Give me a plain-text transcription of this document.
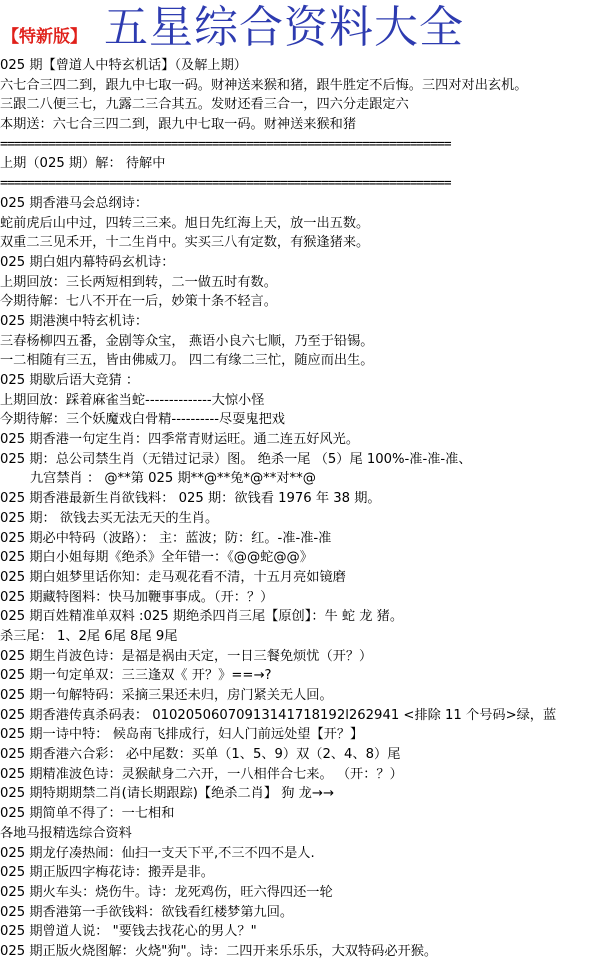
【特新版】 五星综合资料大全
025 期【曾道人中特玄机话】（及解上期）
六七合三四二到，跟九中七取一码。财神送来猴和猪，跟牛胜定不后悔。三四对对出玄机。
三跟二八便三七，九露二三合其五。发财还看三合一，四六分走跟定六
本期送：六七合三四二到，跟九中七取一码。财神送来猴和猪
==================================================================
上期（025 期）解： 待解中
==================================================================
025 期香港马会总纲诗：
蛇前虎后山中过，四转三三来。旭日先红海上天，放一出五数。
双重二三见禾开，十二生肖中。实买三八有定数，有猴逢猪来。
025 期白姐内幕特码玄机诗：
上期回放：三长两短相到转，二一做五时有数。
今期待解：七八不开在一后，妙策十条不轻言。
025 期港澳中特玄机诗：
三春杨柳四五番，金剧等众宝， 燕语小良六七顺，乃至于铅锡。
一二相随有三五，皆由佛威刀。 四二有缘二三忙，随应而出生。
025 期歇后语大竞猜 ：
上期回放：踩着麻雀当蛇--------------大惊小怪
今期待解：三个妖魔戏白骨精----------尽耍鬼把戏
025 期香港一句定生肖：四季常青财运旺。通二连五好风光。
025 期：总公司禁生肖（无错过记录）图。 绝杀一尾 （5）尾 100%-准-准-准、
九宫禁肖 ： @**第 025 期**@**兔*@**对**@
025 期香港最新生肖欲钱料： 025 期：欲钱看 1976 年 38 期。
025 期： 欲钱去买无法无天的生肖。
025 期必中特码（波路）： 主：蓝波；防：红。-准-准-准
025 期白小姐每期《绝杀》全年错一：《@@蛇@@》
025 期白姐梦里话你知：走马观花看不清，十五月亮如镜磨
025 期藏特图料：快马加鞭事事成。（开：？）
025 期百姓精准单双料 :025 期绝杀四肖三尾【原创】：牛 蛇 龙 猪。
杀三尾： 1、2尾 6尾 8尾 9尾
025 期生肖波色诗：是福是祸由天定，一日三餐免烦忧（开？）
025 期一句定单双：三三逢双《 开？》==→?
025 期一句解特码：采摘三果还未归，房门紧关无人回。
025 期香港传真杀码表： 01020506070913141718192l262941 <排除 11 个号码>绿，蓝
025 期一诗中特： 候岛南飞排成行，妇人门前远处望【开？】
025 期香港六合彩： 必中尾数：买单（1、5、9）双（2、4、8）尾
025 期精准波色诗：灵猴献身二六开，一八相伴合七来。 （开：？）
025 期特期期禁二肖(请长期跟踪)【绝杀二肖】 狗 龙→→
025 期简单不得了：一七相和
各地马报精选综合资料
025 期龙仔凑热闹：仙扫一支天下平,不三不四不是人.
025 期正版四字梅花诗：搬弄是非。
025 期火车头：烧伤牛。诗：龙死鸡伤，旺六得四还一轮
025 期香港第一手欲钱料：欲钱看红楼梦第九回。
025 期曾道人说： "要钱去找花心的男人？"
025 期正版火烧图解：火烧"狗"。诗：二四开来乐乐乐，大双特码必开猴。
